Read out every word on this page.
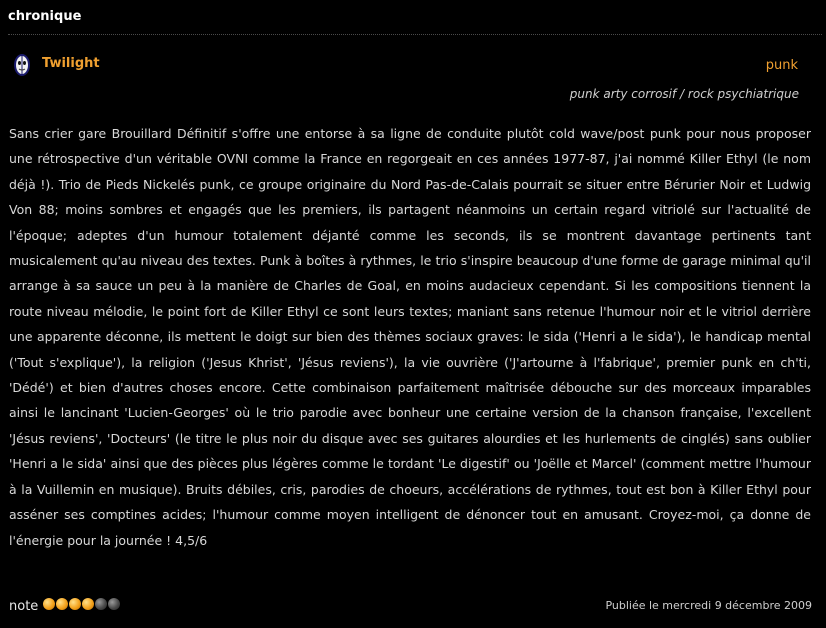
chronique
Twilight	punk
punk arty corrosif / rock psychiatrique

Sans crier gare Brouillard Définitif s'offre une entorse à sa ligne de conduite plutôt cold wave/post punk pour nous proposer une rétrospective d'un véritable OVNI comme la France en regorgeait en ces années 1977-87, j'ai nommé Killer Ethyl (le nom déjà !). Trio de Pieds Nickelés punk, ce groupe originaire du Nord Pas-de-Calais pourrait se situer entre Bérurier Noir et Ludwig Von 88; moins sombres et engagés que les premiers, ils partagent néanmoins un certain regard vitriolé sur l'actualité de l'époque; adeptes d'un humour totalement déjanté comme les seconds, ils se montrent davantage pertinents tant musicalement qu'au niveau des textes. Punk à boîtes à rythmes, le trio s'inspire beaucoup d'une forme de garage minimal qu'il arrange à sa sauce un peu à la manière de Charles de Goal, en moins audacieux cependant. Si les compositions tiennent la route niveau mélodie, le point fort de Killer Ethyl ce sont leurs textes; maniant sans retenue l'humour noir et le vitriol derrière une apparente déconne, ils mettent le doigt sur bien des thèmes sociaux graves: le sida ('Henri a le sida'), le handicap mental ('Tout s'explique'), la religion ('Jesus Khrist', 'Jésus reviens'), la vie ouvrière ('J'artourne à l'fabrique', premier punk en ch'ti, 'Dédé') et bien d'autres choses encore. Cette combinaison parfaitement maîtrisée débouche sur des morceaux imparables ainsi le lancinant 'Lucien-Georges' où le trio parodie avec bonheur une certaine version de la chanson française, l'excellent 'Jésus reviens', 'Docteurs' (le titre le plus noir du disque avec ses guitares alourdies et les hurlements de cinglés) sans oublier 'Henri a le sida' ainsi que des pièces plus légères comme le tordant 'Le digestif' ou 'Joëlle et Marcel' (comment mettre l'humour à la Vuillemin en musique). Bruits débiles, cris, parodies de choeurs, accélérations de rythmes, tout est bon à Killer Ethyl pour asséner ses comptines acides; l'humour comme moyen intelligent de dénoncer tout en amusant. Croyez-moi, ça donne de l'énergie pour la journée ! 4,5/6

note	Publiée le mercredi 9 décembre 2009
